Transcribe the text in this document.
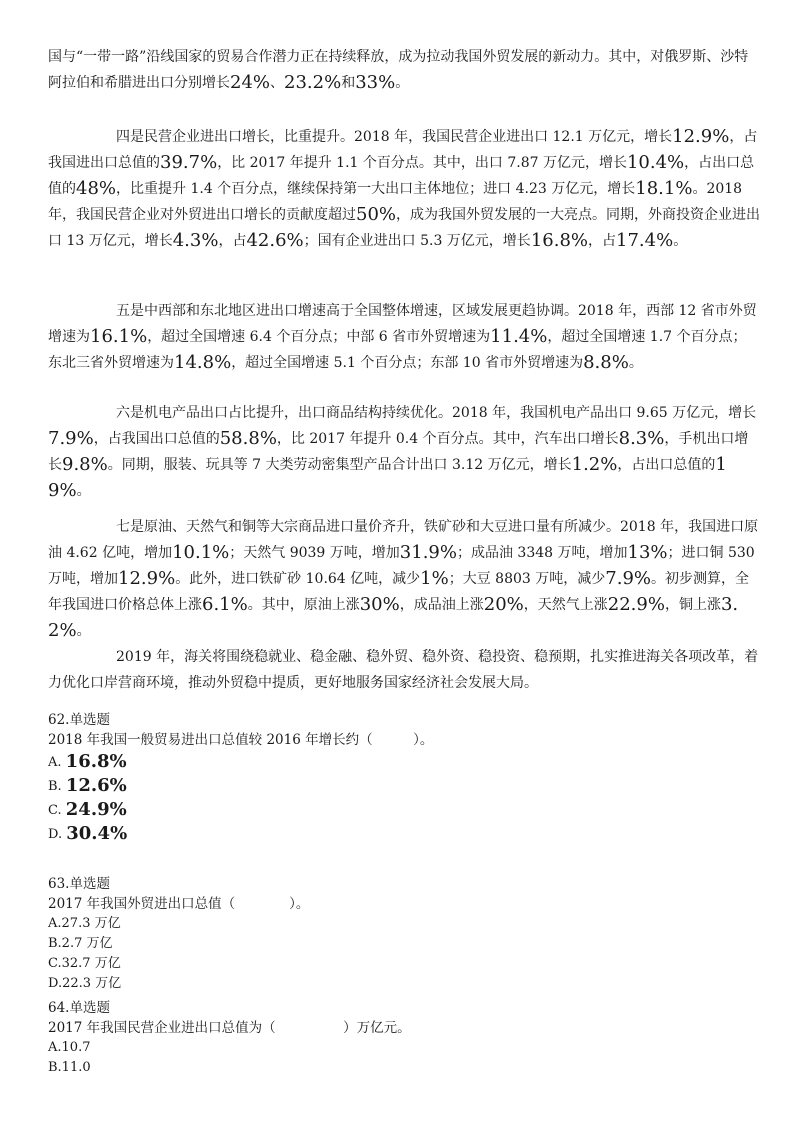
国与“一带一路”沿线国家的贸易合作潜力正在持续释放，成为拉动我国外贸发展的新动力。其中，对俄罗斯、沙特阿拉伯和希腊进出口分别增长24%、23.2%和33%。

四是民营企业进出口增长，比重提升。2018 年，我国民营企业进出口 12.1 万亿元，增长12.9%，占我国进出口总值的39.7%，比 2017 年提升 1.1 个百分点。其中，出口 7.87 万亿元，增长10.4%，占出口总值的48%，比重提升 1.4 个百分点，继续保持第一大出口主体地位；进口 4.23 万亿元，增长18.1%。2018 年，我国民营企业对外贸进出口增长的贡献度超过50%，成为我国外贸发展的一大亮点。同期，外商投资企业进出口 13 万亿元，增长4.3%，占42.6%；国有企业进出口 5.3 万亿元，增长16.8%，占17.4%。

五是中西部和东北地区进出口增速高于全国整体增速，区域发展更趋协调。2018 年，西部 12 省市外贸增速为16.1%，超过全国增速 6.4 个百分点；中部 6 省市外贸增速为11.4%，超过全国增速 1.7 个百分点；东北三省外贸增速为14.8%，超过全国增速 5.1 个百分点；东部 10 省市外贸增速为8.8%。

六是机电产品出口占比提升，出口商品结构持续优化。2018 年，我国机电产品出口 9.65 万亿元，增长7.9%，占我国出口总值的58.8%，比 2017 年提升 0.4 个百分点。其中，汽车出口增长8.3%，手机出口增长9.8%。同期，服装、玩具等 7 大类劳动密集型产品合计出口 3.12 万亿元，增长1.2%，占出口总值的19%。

七是原油、天然气和铜等大宗商品进口量价齐升，铁矿砂和大豆进口量有所减少。2018 年，我国进口原油 4.62 亿吨，增加10.1%；天然气 9039 万吨，增加31.9%；成品油 3348 万吨，增加13%；进口铜 530 万吨，增加12.9%。此外，进口铁矿砂 10.64 亿吨，减少1%；大豆 8803 万吨，减少7.9%。初步测算，全年我国进口价格总体上涨6.1%。其中，原油上涨30%，成品油上涨20%，天然气上涨22.9%，铜上涨3.2%。

2019 年，海关将围绕稳就业、稳金融、稳外贸、稳外资、稳投资、稳预期，扎实推进海关各项改革，着力优化口岸营商环境，推动外贸稳中提质，更好地服务国家经济社会发展大局。

62.单选题

2018 年我国一般贸易进出口总值较 2016 年增长约（　　　）。

A. 16.8%

B. 12.6%

C. 24.9%

D. 30.4%

63.单选题

2017 年我国外贸进出口总值（　　　　）。

A.27.3 万亿

B.2.7 万亿

C.32.7 万亿

D.22.3 万亿

64.单选题

2017 年我国民营企业进出口总值为（　　　　　）万亿元。

A.10.7

B.11.0
